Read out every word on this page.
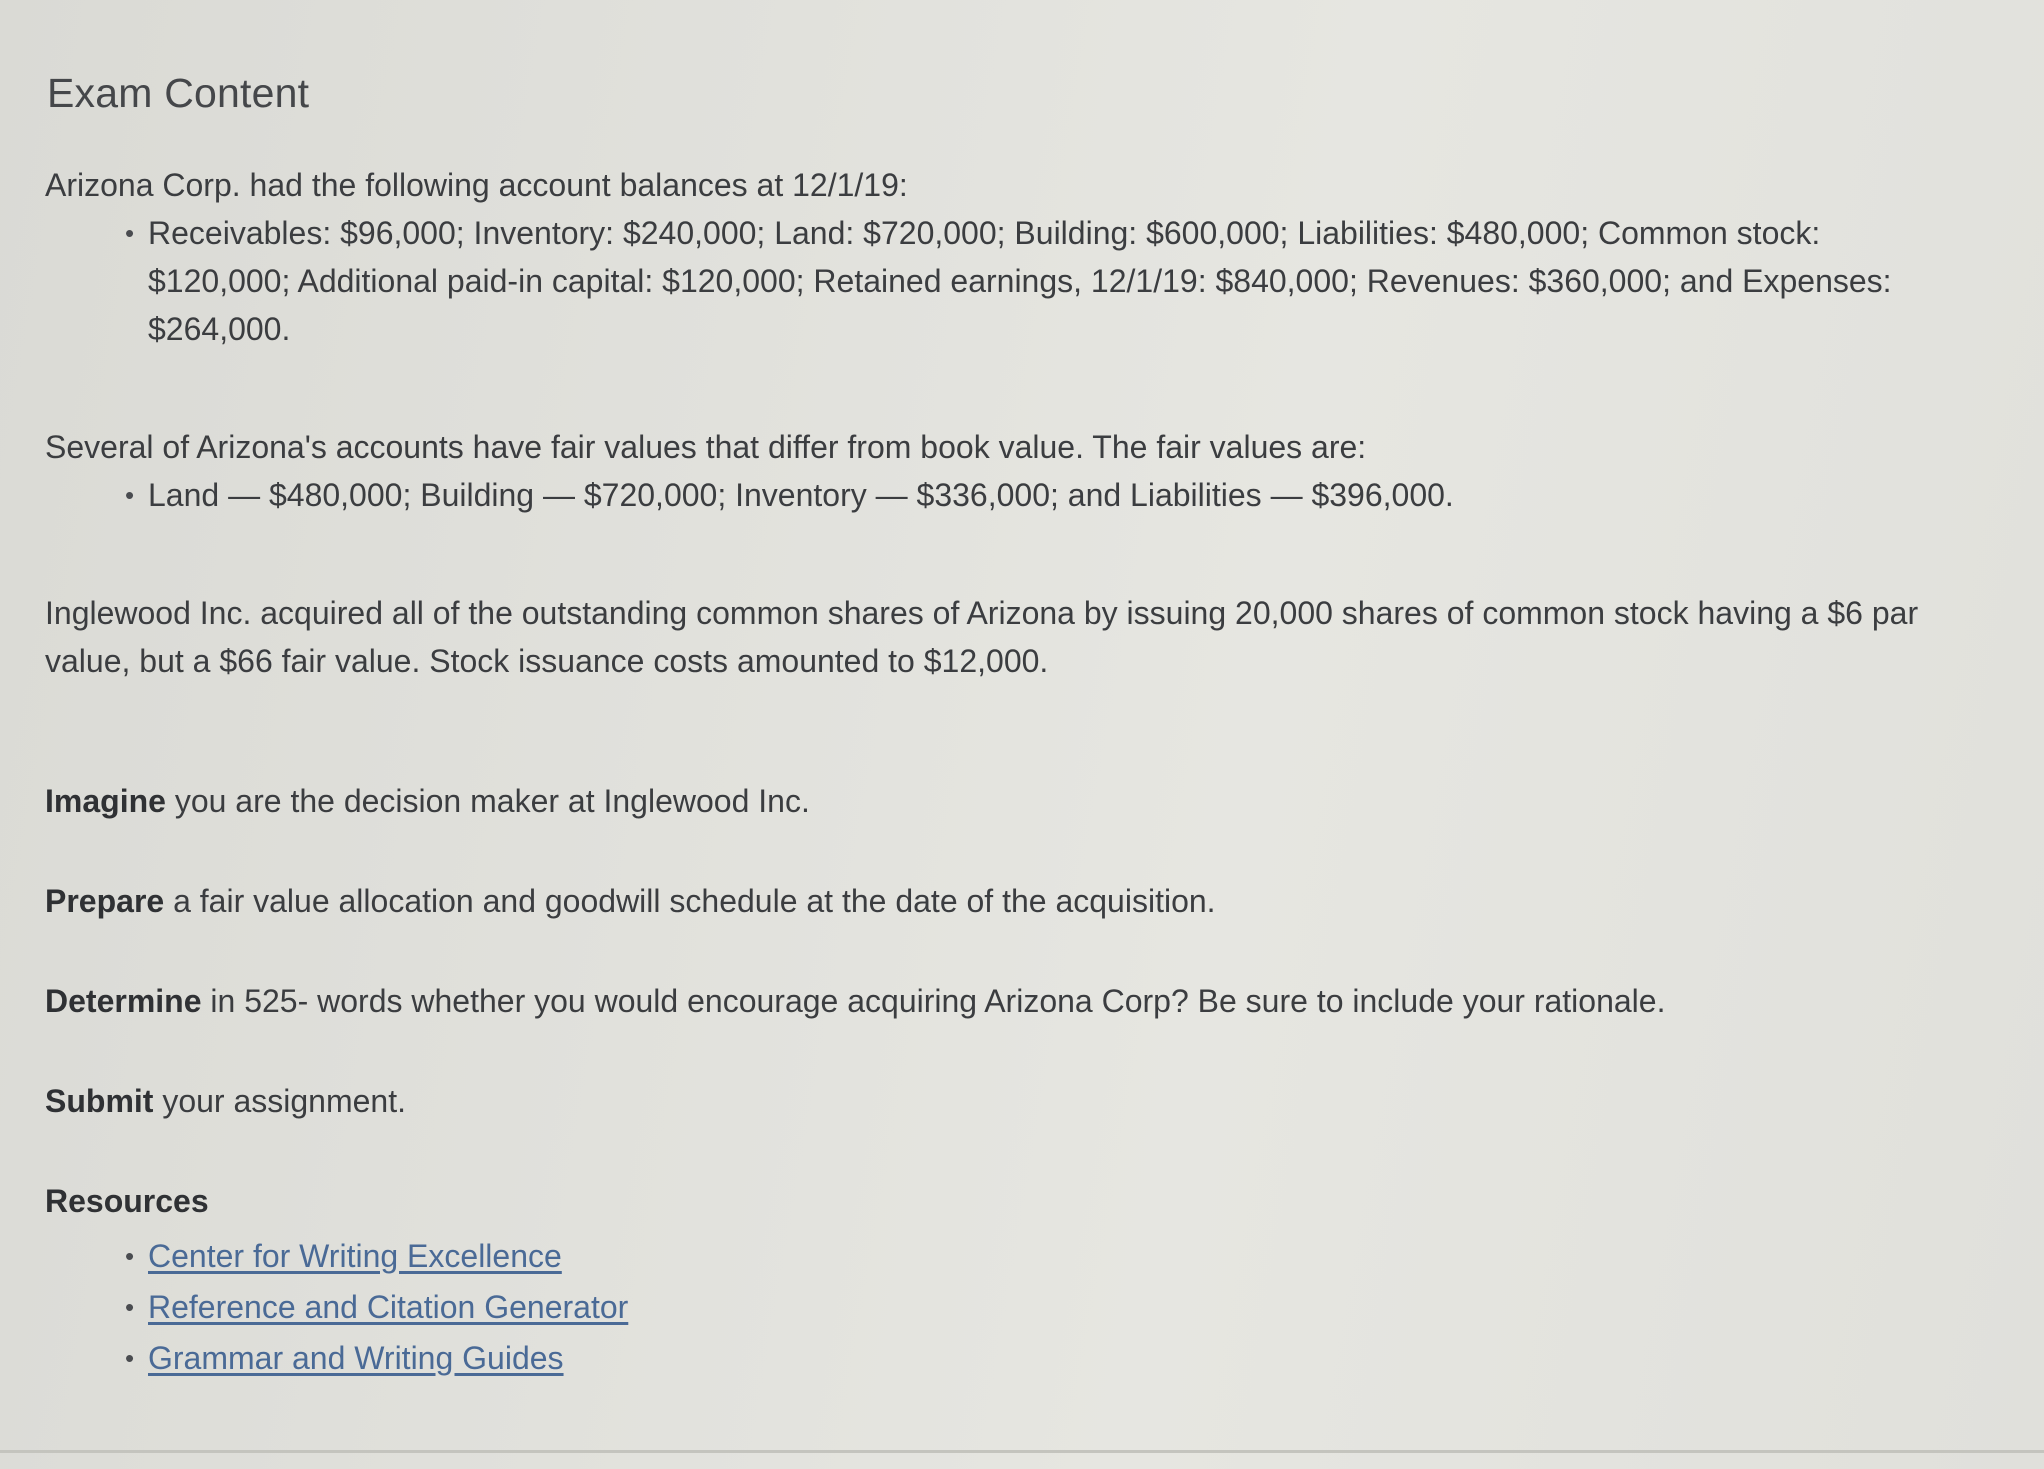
Exam Content

Arizona Corp. had the following account balances at 12/1/19:

• Receivables: $96,000; Inventory: $240,000; Land: $720,000; Building: $600,000; Liabilities: $480,000; Common stock: $120,000; Additional paid-in capital: $120,000; Retained earnings, 12/1/19: $840,000; Revenues: $360,000; and Expenses: $264,000.

Several of Arizona's accounts have fair values that differ from book value. The fair values are:

• Land — $480,000; Building — $720,000; Inventory — $336,000; and Liabilities — $396,000.

Inglewood Inc. acquired all of the outstanding common shares of Arizona by issuing 20,000 shares of common stock having a $6 par value, but a $66 fair value. Stock issuance costs amounted to $12,000.

Imagine you are the decision maker at Inglewood Inc.

Prepare a fair value allocation and goodwill schedule at the date of the acquisition.

Determine in 525- words whether you would encourage acquiring Arizona Corp? Be sure to include your rationale.

Submit your assignment.

Resources
• Center for Writing Excellence
• Reference and Citation Generator
• Grammar and Writing Guides
